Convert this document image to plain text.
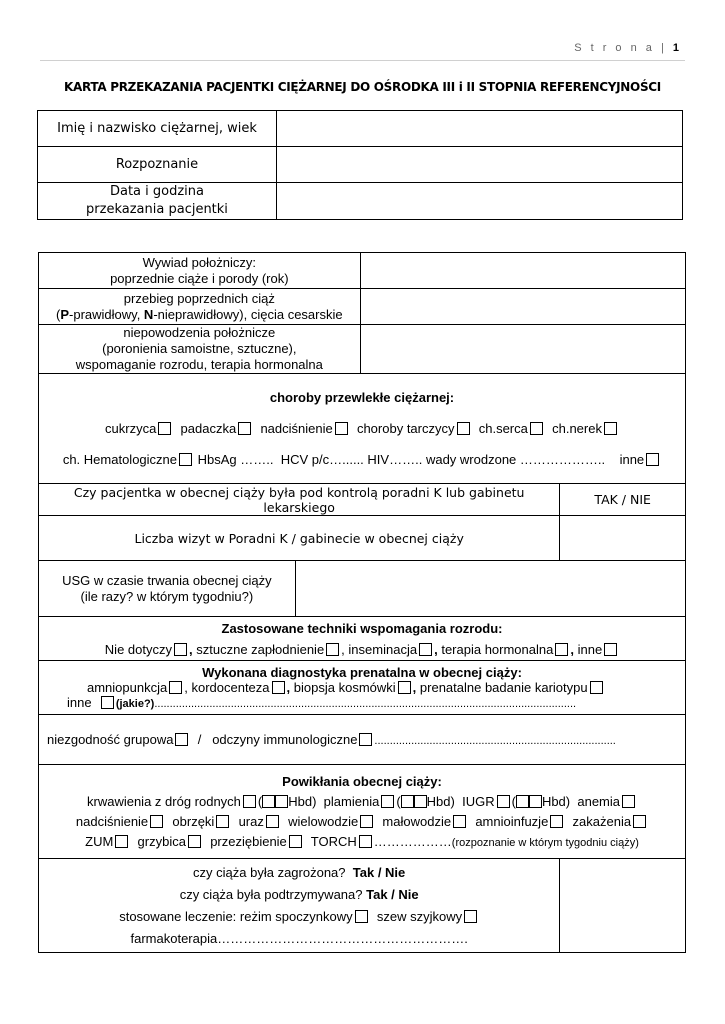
S t r o n a | 1
KARTA PRZEKAZANIA PACJENTKI CIĘŻARNEJ DO OŚRODKA III i II STOPNIA REFERENCYJNOŚCI
Imię i nazwisko ciężarnej, wiek	
Rozpoznanie	

Data i godzina
przekazania pacjentki	

Wywiad położniczy:
poprzednie ciąże i porody (rok)			

przebieg poprzednich ciąż
(P-prawidłowy, N-nieprawidłowy), cięcia cesarskie			

niepowodzenia położnicze
(poronienia samoistne, sztuczne),
wspomaganie rozrodu, terapia hormonalna			

choroby przewlekłe ciężarnej:
cukrzyca padaczka nadciśnienie choroby tarczycy ch.serca ch.nerek
ch. Hematologiczne HbsAg …….. HCV p/c…...... HIV…….. wady wrodzone ……………….. inne			

Czy pacjentka w obecnej ciąży była pod kontrolą poradni K lub gabinetu lekarskiego			TAK / NIE
Liczba wizyt w Poradni K / gabinecie w obecnej ciąży			

USG w czasie trwania obecnej ciąży
(ile razy? w którym tygodniu?)			

Zastosowane techniki wspomagania rozrodu:
Nie dotyczy , sztuczne zapłodnienie , inseminacja , terapia hormonalna , inne			

Wykonana diagnostyka prenatalna w obecnej ciąży:
amniopunkcja , kordocenteza , biopsja kosmówki , prenatalne badanie kariotypu
inne (jakie?)..........................................................................................................................................			

niezgodność grupowa / odczyny immunologiczne ...............................................................................			

Powikłania obecnej ciąży:
krwawienia z dróg rodnych ( Hbd) plamienia ( Hbd) IUGR ( Hbd) anemia
nadciśnienie obrzęki uraz wielowodzie małowodzie amnioinfuzje zakażenia
ZUM grzybica przeziębienie TORCH ………………(rozpoznanie w którym tygodniu ciąży)			

czy ciąża była zagrożona? Tak / Nie
czy ciąża była podtrzymywana? Tak / Nie
stosowane leczenie: reżim spoczynkowy szew szyjkowy
farmakoterapia………………………………………………….			
